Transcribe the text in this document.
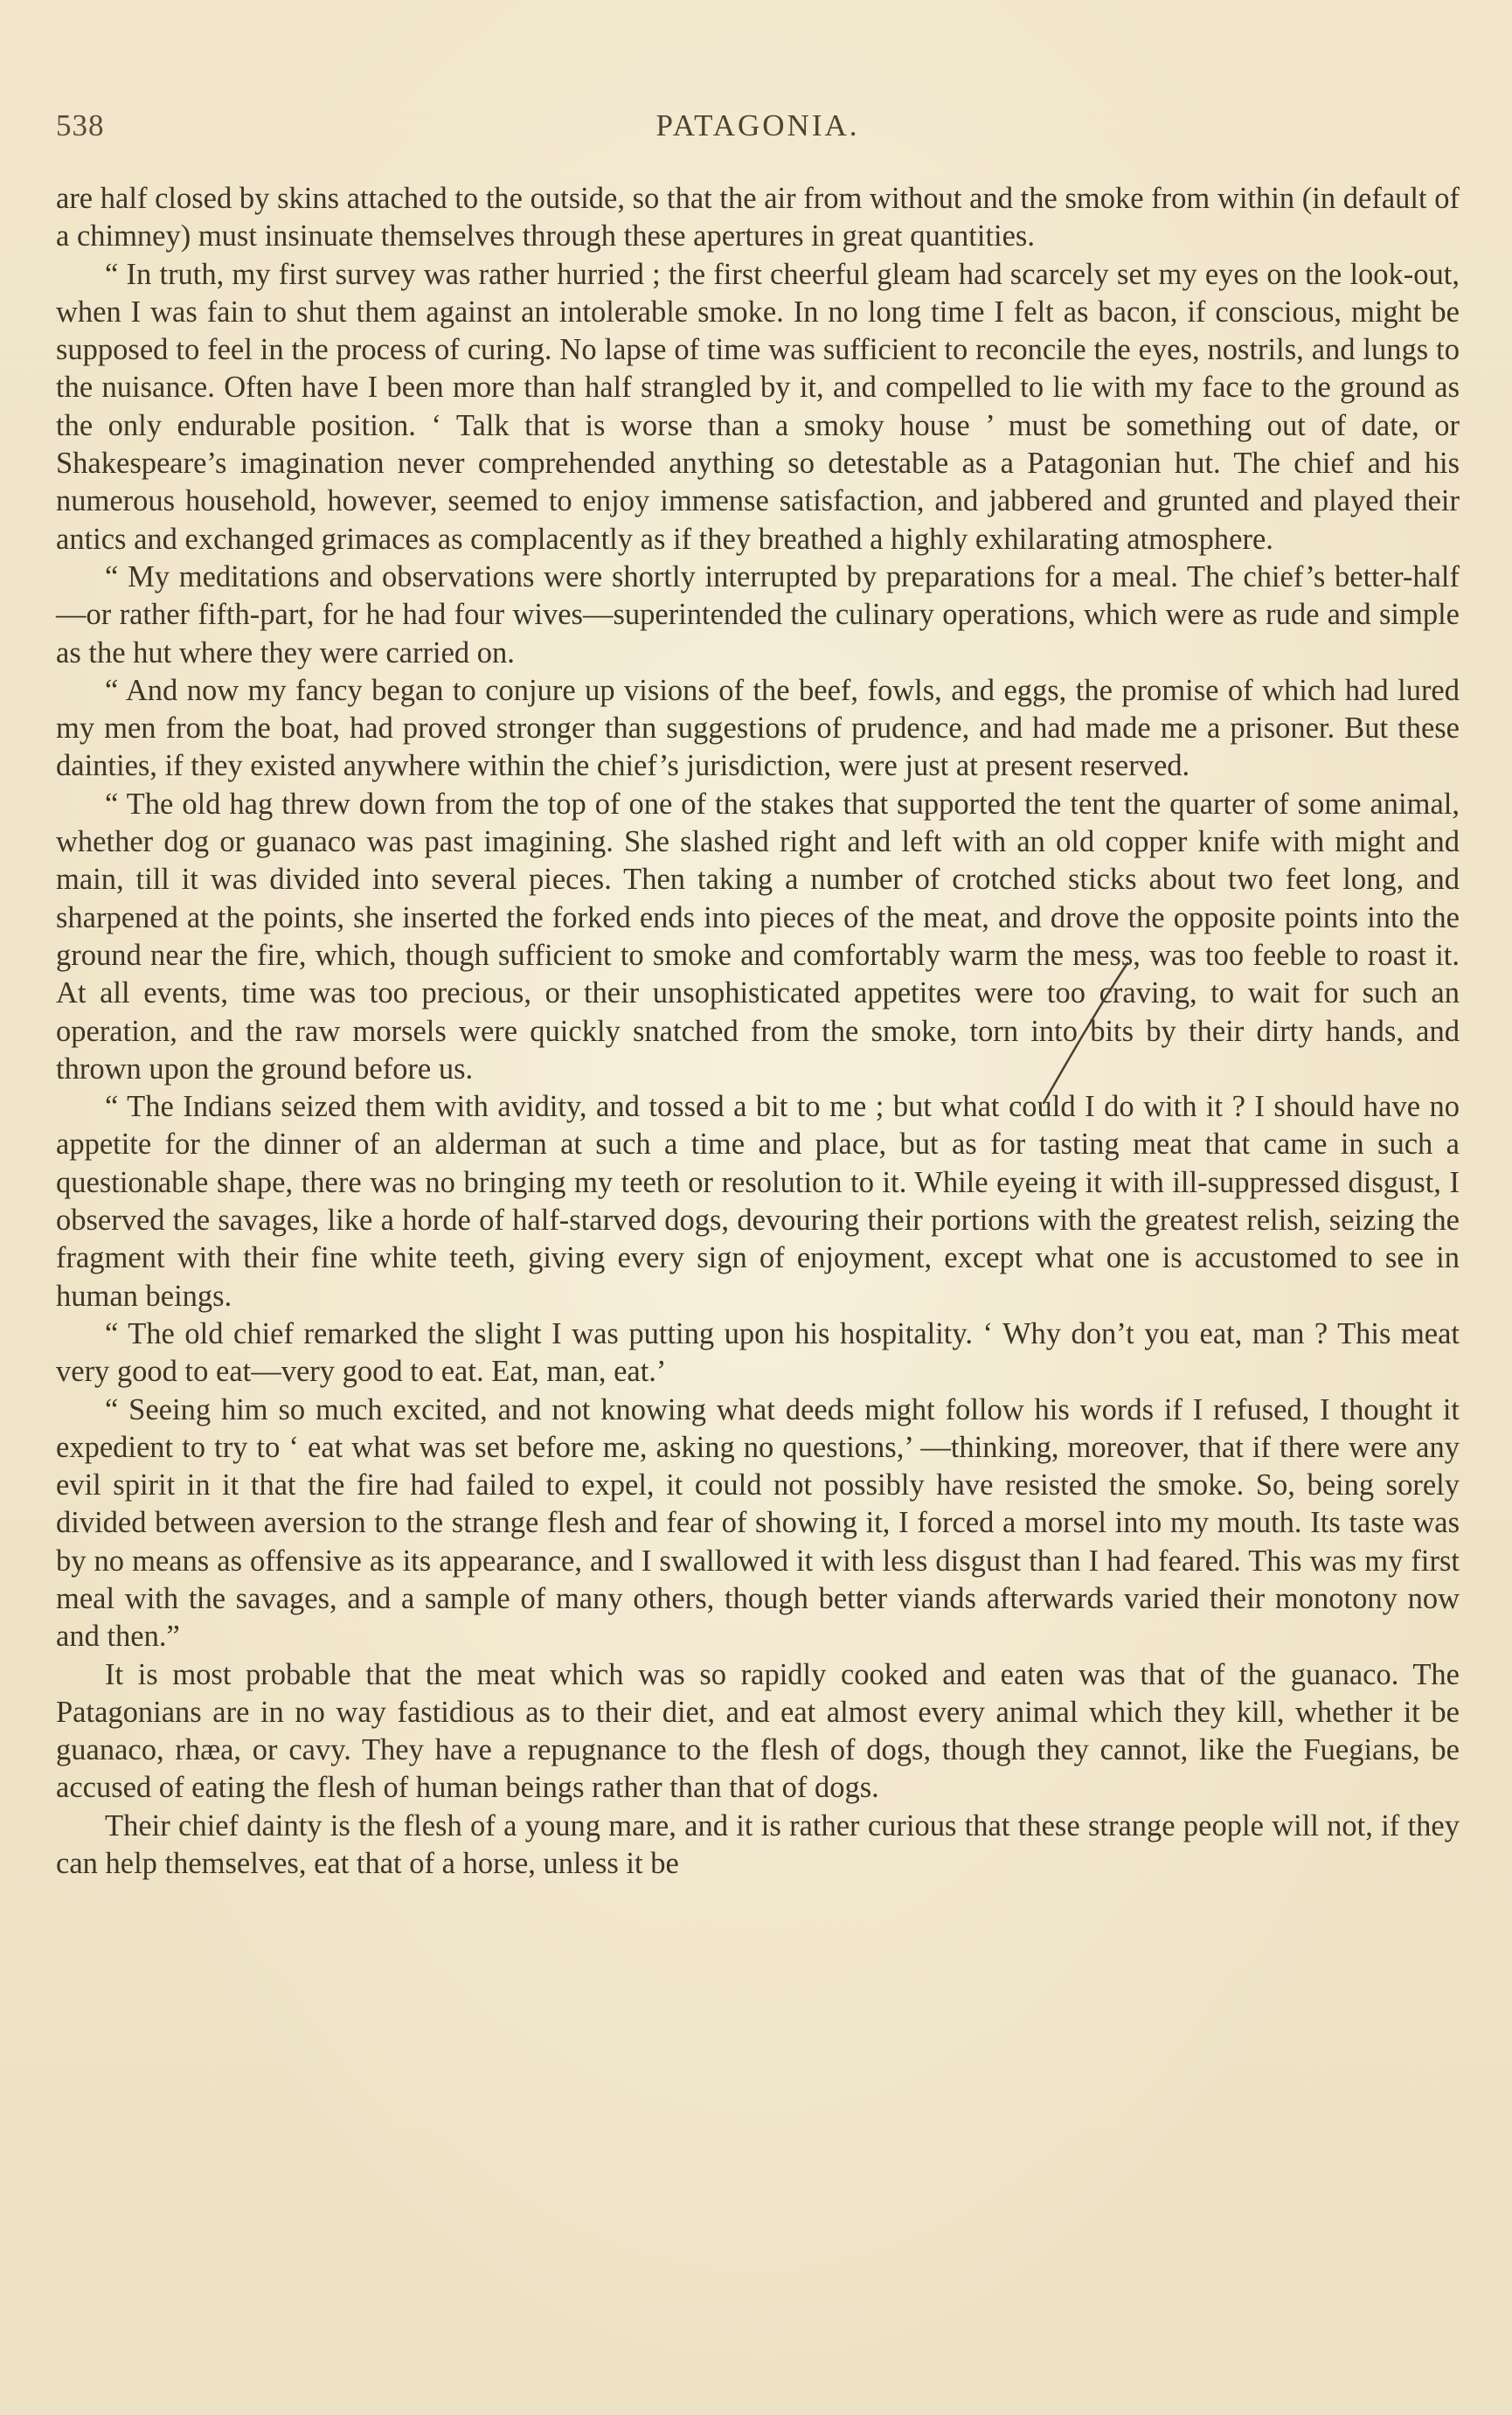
538	PATAGONIA.

are half closed by skins attached to the outside, so that the air from without and the smoke from within (in default of a chimney) must insinuate themselves through these apertures in great quantities.

“ In truth, my first survey was rather hurried ; the first cheerful gleam had scarcely set my eyes on the look-out, when I was fain to shut them against an intolerable smoke. In no long time I felt as bacon, if conscious, might be supposed to feel in the process of curing. No lapse of time was sufficient to reconcile the eyes, nostrils, and lungs to the nuisance. Often have I been more than half strangled by it, and compelled to lie with my face to the ground as the only endurable position. ‘ Talk that is worse than a smoky house ’ must be something out of date, or Shakespeare’s imagination never comprehended anything so detestable as a Patagonian hut. The chief and his numerous household, however, seemed to enjoy immense satisfaction, and jabbered and grunted and played their antics and exchanged grimaces as complacently as if they breathed a highly exhilarating atmosphere.

“ My meditations and observations were shortly interrupted by preparations for a meal. The chief’s better-half—or rather fifth-part, for he had four wives—superintended the culinary operations, which were as rude and simple as the hut where they were carried on.

“ And now my fancy began to conjure up visions of the beef, fowls, and eggs, the promise of which had lured my men from the boat, had proved stronger than suggestions of prudence, and had made me a prisoner. But these dainties, if they existed anywhere within the chief’s jurisdiction, were just at present reserved.

“ The old hag threw down from the top of one of the stakes that supported the tent the quarter of some animal, whether dog or guanaco was past imagining. She slashed right and left with an old copper knife with might and main, till it was divided into several pieces. Then taking a number of crotched sticks about two feet long, and sharpened at the points, she inserted the forked ends into pieces of the meat, and drove the opposite points into the ground near the fire, which, though sufficient to smoke and comfortably warm the mess, was too feeble to roast it. At all events, time was too precious, or their unsophisticated appetites were too craving, to wait for such an operation, and the raw morsels were quickly snatched from the smoke, torn into bits by their dirty hands, and thrown upon the ground before us.

“ The Indians seized them with avidity, and tossed a bit to me ; but what could I do with it ? I should have no appetite for the dinner of an alderman at such a time and place, but as for tasting meat that came in such a questionable shape, there was no bringing my teeth or resolution to it. While eyeing it with ill-suppressed disgust, I observed the savages, like a horde of half-starved dogs, devouring their portions with the greatest relish, seizing the fragment with their fine white teeth, giving every sign of enjoyment, except what one is accustomed to see in human beings.

“ The old chief remarked the slight I was putting upon his hospitality. ‘ Why don’t you eat, man ? This meat very good to eat—very good to eat. Eat, man, eat.’

“ Seeing him so much excited, and not knowing what deeds might follow his words if I refused, I thought it expedient to try to ‘ eat what was set before me, asking no questions,’ —thinking, moreover, that if there were any evil spirit in it that the fire had failed to expel, it could not possibly have resisted the smoke. So, being sorely divided between aversion to the strange flesh and fear of showing it, I forced a morsel into my mouth. Its taste was by no means as offensive as its appearance, and I swallowed it with less disgust than I had feared. This was my first meal with the savages, and a sample of many others, though better viands afterwards varied their monotony now and then.”

It is most probable that the meat which was so rapidly cooked and eaten was that of the guanaco. The Patagonians are in no way fastidious as to their diet, and eat almost every animal which they kill, whether it be guanaco, rhæa, or cavy. They have a repugnance to the flesh of dogs, though they cannot, like the Fuegians, be accused of eating the flesh of human beings rather than that of dogs.

Their chief dainty is the flesh of a young mare, and it is rather curious that these strange people will not, if they can help themselves, eat that of a horse, unless it be
